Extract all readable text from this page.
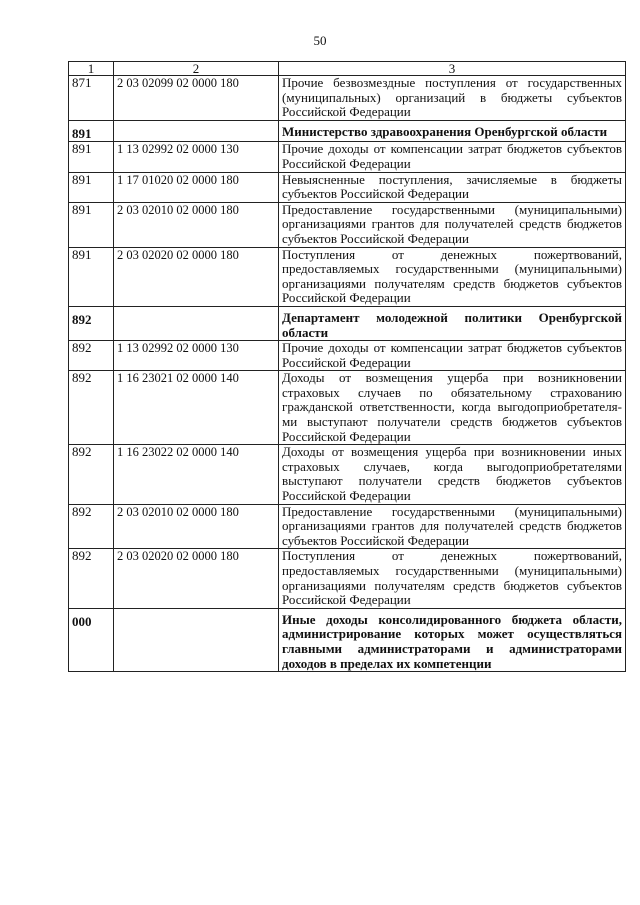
50
1	2	3
871	2 03 02099 02 0000 180	Прочие безвозмездные поступления от государственных (муниципальных) организаций в бюджеты субъектов Российской Федерации
891		Министерство здравоохранения Оренбургской области
891	1 13 02992 02 0000 130	Прочие доходы от компенсации затрат бюджетов субъектов Российской Федерации
891	1 17 01020 02 0000 180	Невыясненные поступления, зачисляемые в бюджеты субъектов Российской Федерации
891	2 03 02010 02 0000 180	Предоставление государственными (муниципальными) организациями грантов для получателей средств бюджетов субъектов Российской Федерации
891	2 03 02020 02 0000 180	Поступления от денежных пожертвований, предоставляемых государственными (муниципальными) организациями получателям средств бюджетов субъектов Российской Федерации
892		Департамент молодежной политики Оренбургской области
892	1 13 02992 02 0000 130	Прочие доходы от компенсации затрат бюджетов субъектов Российской Федерации
892	1 16 23021 02 0000 140	Доходы от возмещения ущерба при возникновении страховых случаев по обязательному страхованию гражданской ответственности, когда выгодоприобретателя-ми выступают получатели средств бюджетов субъектов Российской Федерации
892	1 16 23022 02 0000 140	Доходы от возмещения ущерба при возникновении иных страховых случаев, когда выгодоприобретателями выступают получатели средств бюджетов субъектов Российской Федерации
892	2 03 02010 02 0000 180	Предоставление государственными (муниципальными) организациями грантов для получателей средств бюджетов субъектов Российской Федерации
892	2 03 02020 02 0000 180	Поступления от денежных пожертвований, предоставляемых государственными (муниципальными) организациями получателям средств бюджетов субъектов Российской Федерации
000		Иные доходы консолидированного бюджета области, администрирование которых может осуществляться главными администраторами и администраторами доходов в пределах их компетенции
